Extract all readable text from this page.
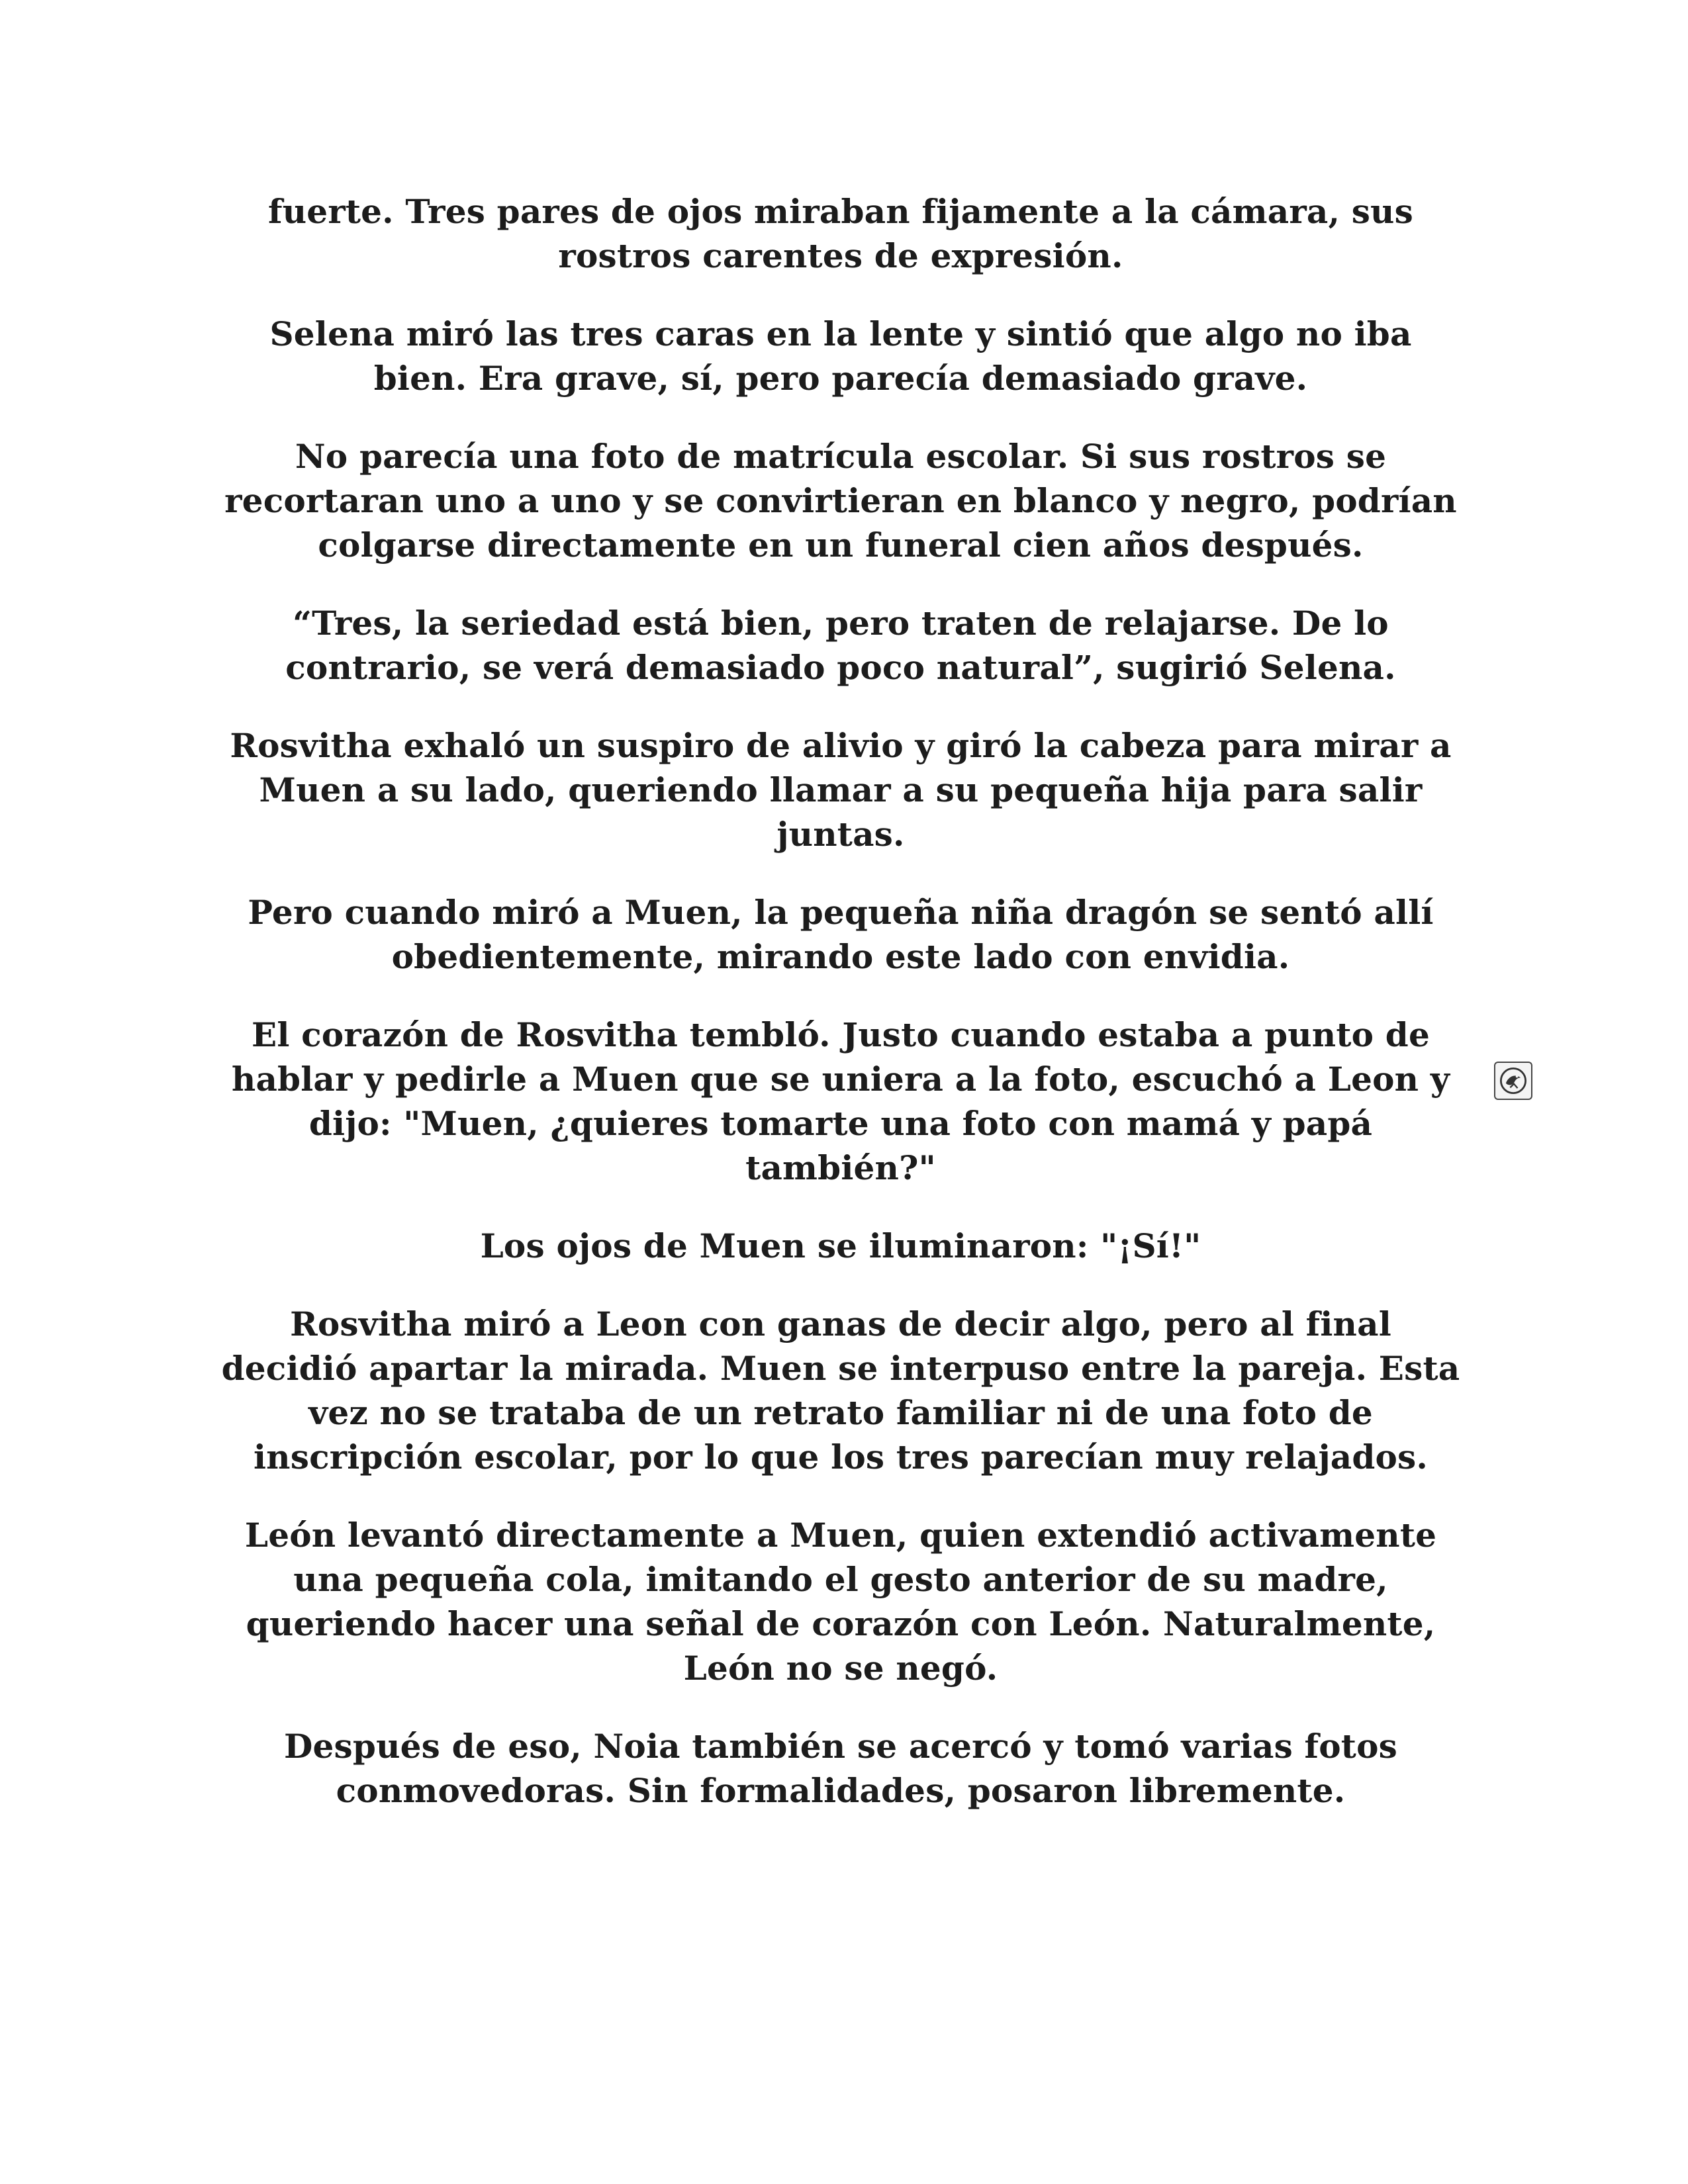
fuerte. Tres pares de ojos miraban fijamente a la cámara, sus rostros carentes de expresión.

Selena miró las tres caras en la lente y sintió que algo no iba bien. Era grave, sí, pero parecía demasiado grave.

No parecía una foto de matrícula escolar. Si sus rostros se recortaran uno a uno y se convirtieran en blanco y negro, podrían colgarse directamente en un funeral cien años después.

“Tres, la seriedad está bien, pero traten de relajarse. De lo contrario, se verá demasiado poco natural”, sugirió Selena.

Rosvitha exhaló un suspiro de alivio y giró la cabeza para mirar a Muen a su lado, queriendo llamar a su pequeña hija para salir juntas.

Pero cuando miró a Muen, la pequeña niña dragón se sentó allí obedientemente, mirando este lado con envidia.

El corazón de Rosvitha tembló. Justo cuando estaba a punto de hablar y pedirle a Muen que se uniera a la foto, escuchó a Leon y dijo: "Muen, ¿quieres tomarte una foto con mamá y papá también?"

Los ojos de Muen se iluminaron: "¡Sí!"

Rosvitha miró a Leon con ganas de decir algo, pero al final decidió apartar la mirada. Muen se interpuso entre la pareja. Esta vez no se trataba de un retrato familiar ni de una foto de inscripción escolar, por lo que los tres parecían muy relajados.

León levantó directamente a Muen, quien extendió activamente una pequeña cola, imitando el gesto anterior de su madre, queriendo hacer una señal de corazón con León. Naturalmente, León no se negó.

Después de eso, Noia también se acercó y tomó varias fotos conmovedoras. Sin formalidades, posaron libremente.
